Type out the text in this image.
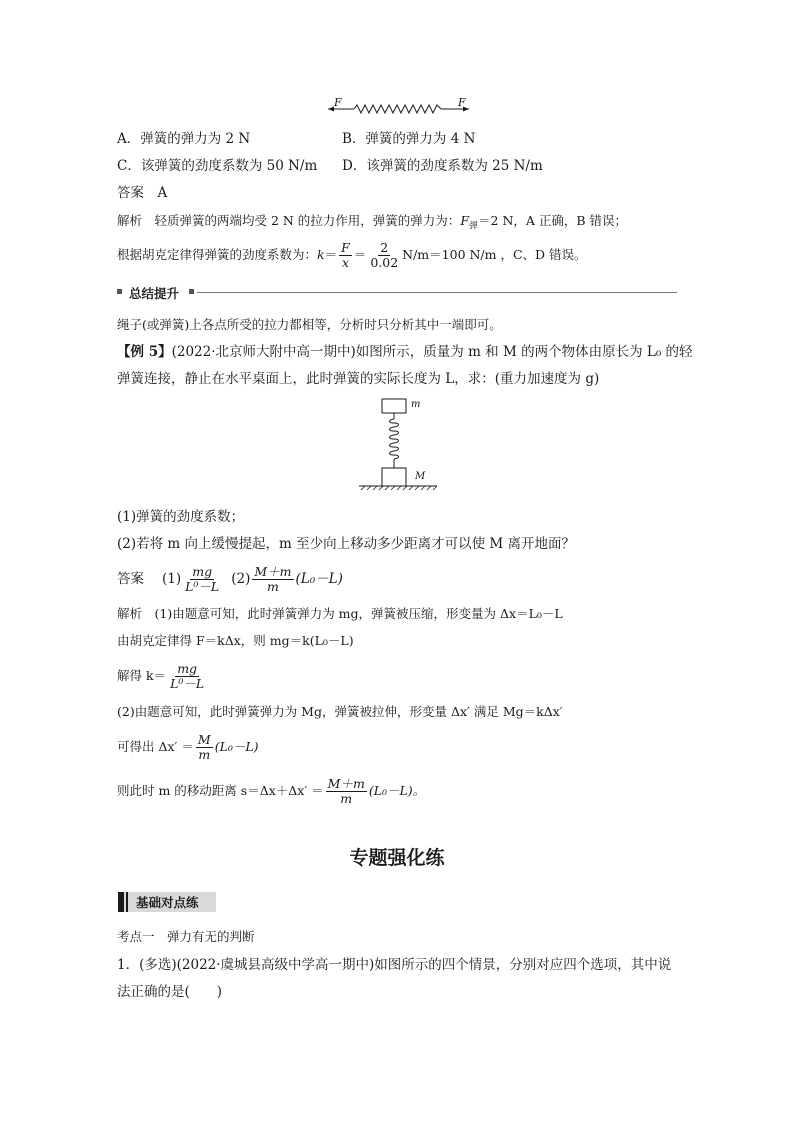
F	F
A．弹簧的弹力为 2 N	B．弹簧的弹力为 4 N
C．该弹簧的劲度系数为 50 N/m D．该弹簧的劲度系数为 25 N/m
答案　A
解析　轻质弹簧的两端均受 2 N 的拉力作用，弹簧的弹力为：$F_弹=2$ N，A 正确，B 错误；
根据胡克定律得弹簧的劲度系数为： $k = \frac{F}{x} = \frac{2}{0.02} N/m=100$ N/m ，C、D 错误。
总结提升
绳子(或弹簧)上各点所受的拉力都相等，分析时只分析其中一端即可。
【例 5】(2022·北京师大附中高一期中)如图所示，质量为 m 和 M 的两个物体由原长为 L₀ 的轻
弹簧连接，静止在水平桌面上，此时弹簧的实际长度为 L，求：(重力加速度为 g)
m
M
(1)弹簧的劲度系数；
(2)若将 m 向上缓慢提起，m 至少向上移动多少距离才可以使 M 离开地面？
答案 $(1) \frac{mg}{\text{L⁰－L}} (2) \frac{M+m}{m} (L_0-L)$
解析　(1)由题意可知，此时弹簧弹力为 mg，弹簧被压缩，形变量为 Δx＝L₀－L
由胡克定律得 F＝kΔx，则 mg＝k(L₀－L)
解得 $k= \frac{mg}{\text{L⁰－L}}$
(2)由题意可知，此时弹簧弹力为 Mg，弹簧被拉伸，形变量 Δx′ 满足 Mg＝kΔx′
可得出 $\Delta x' = \frac{M}{m} (L_0-L)$
则此时 m 的移动距离 $s=\Delta x+\Delta x' = \frac{M+m}{m} (L_0-L)$。
专题强化练
基础对点练
考点一　弹力有无的判断
1．(多选)(2022·虞城县高级中学高一期中)如图所示的四个情景，分别对应四个选项，其中说
法正确的是(　　)
